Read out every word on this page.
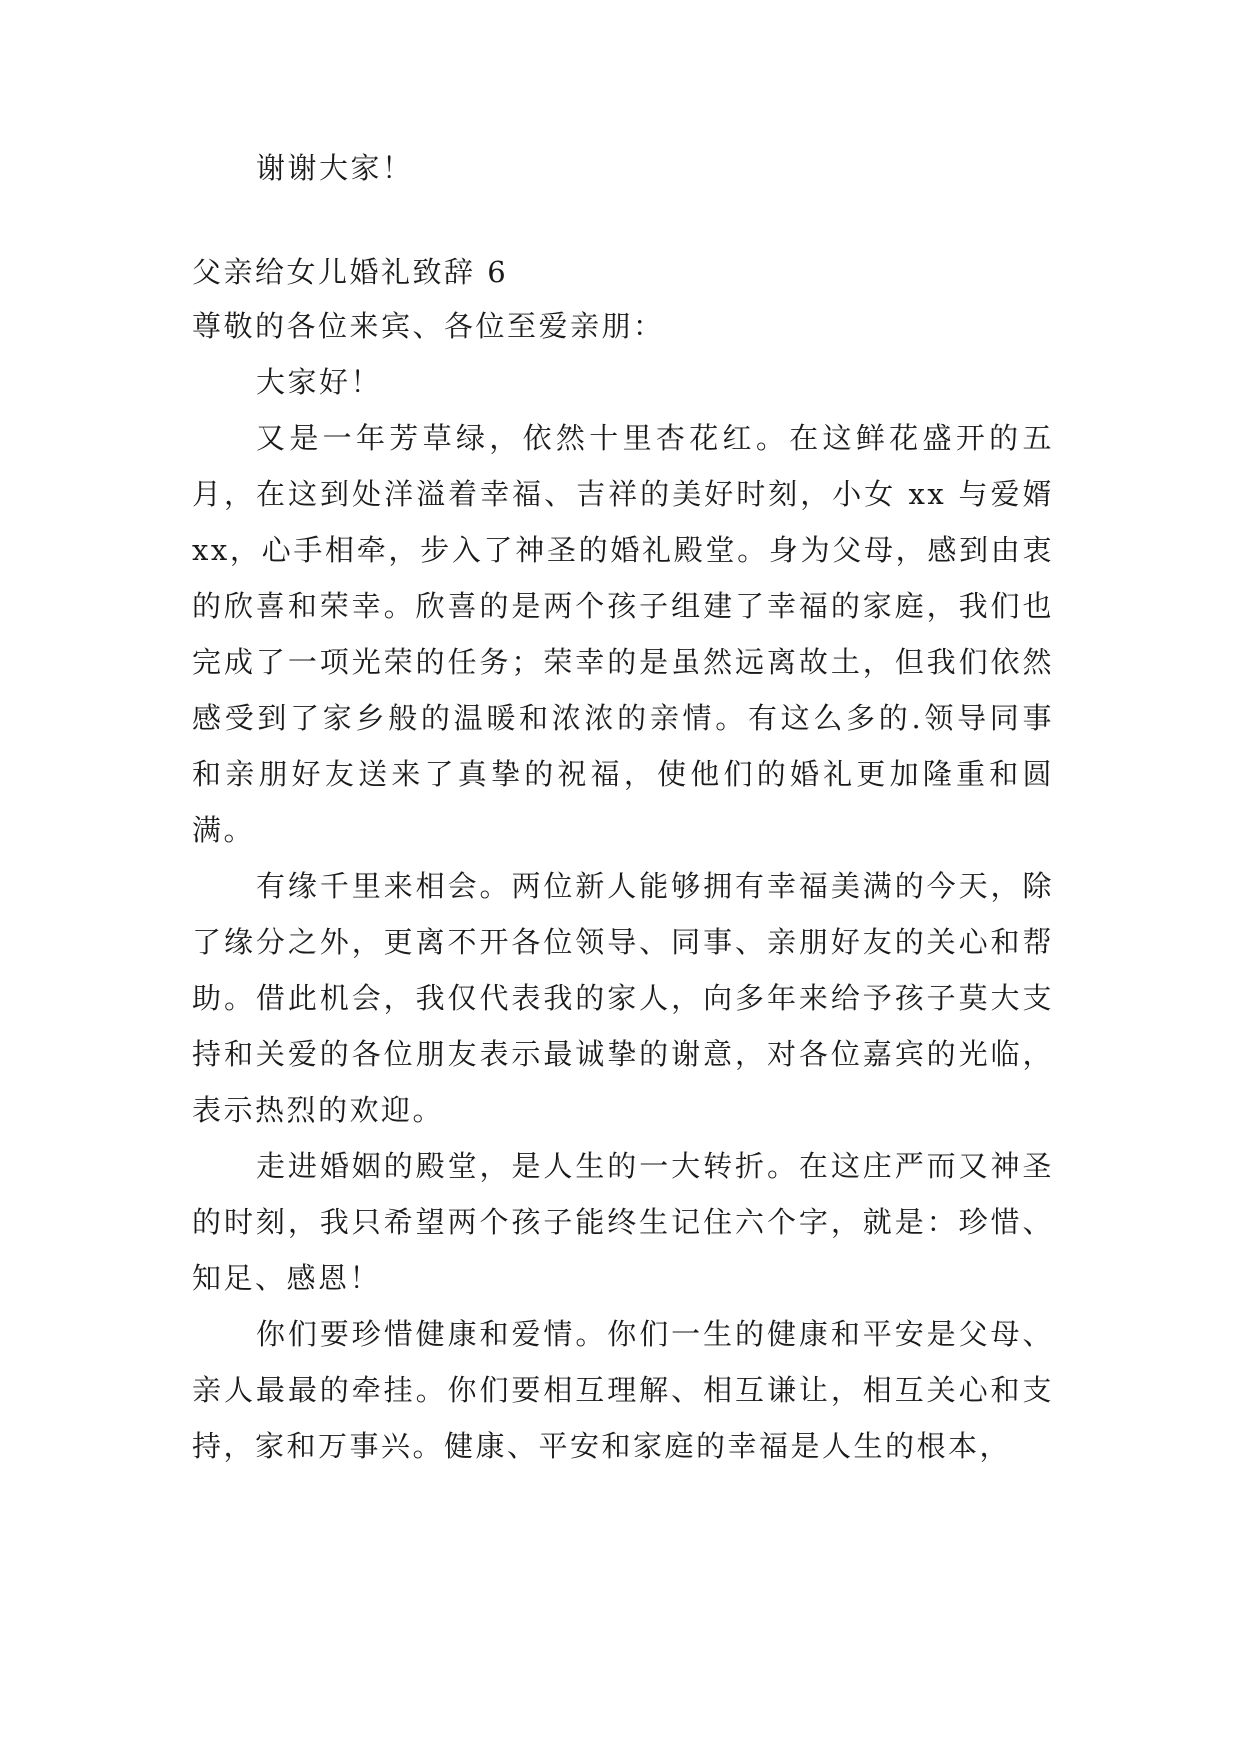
谢谢大家！

父亲给女儿婚礼致辞 6

尊敬的各位来宾、各位至爱亲朋：

大家好！

又是一年芳草绿，依然十里杏花红。在这鲜花盛开的五月，在这到处洋溢着幸福、吉祥的美好时刻，小女 xx 与爱婿 xx，心手相牵，步入了神圣的婚礼殿堂。身为父母，感到由衷的欣喜和荣幸。欣喜的是两个孩子组建了幸福的家庭，我们也完成了一项光荣的任务；荣幸的是虽然远离故土，但我们依然感受到了家乡般的温暖和浓浓的亲情。有这么多的.领导同事和亲朋好友送来了真挚的祝福，使他们的婚礼更加隆重和圆满。

有缘千里来相会。两位新人能够拥有幸福美满的今天，除了缘分之外，更离不开各位领导、同事、亲朋好友的关心和帮助。借此机会，我仅代表我的家人，向多年来给予孩子莫大支持和关爱的各位朋友表示最诚挚的谢意，对各位嘉宾的光临，表示热烈的欢迎。

走进婚姻的殿堂，是人生的一大转折。在这庄严而又神圣的时刻，我只希望两个孩子能终生记住六个字，就是：珍惜、知足、感恩！

你们要珍惜健康和爱情。你们一生的健康和平安是父母、亲人最最的牵挂。你们要相互理解、相互谦让，相互关心和支持，家和万事兴。健康、平安和家庭的幸福是人生的根本，
